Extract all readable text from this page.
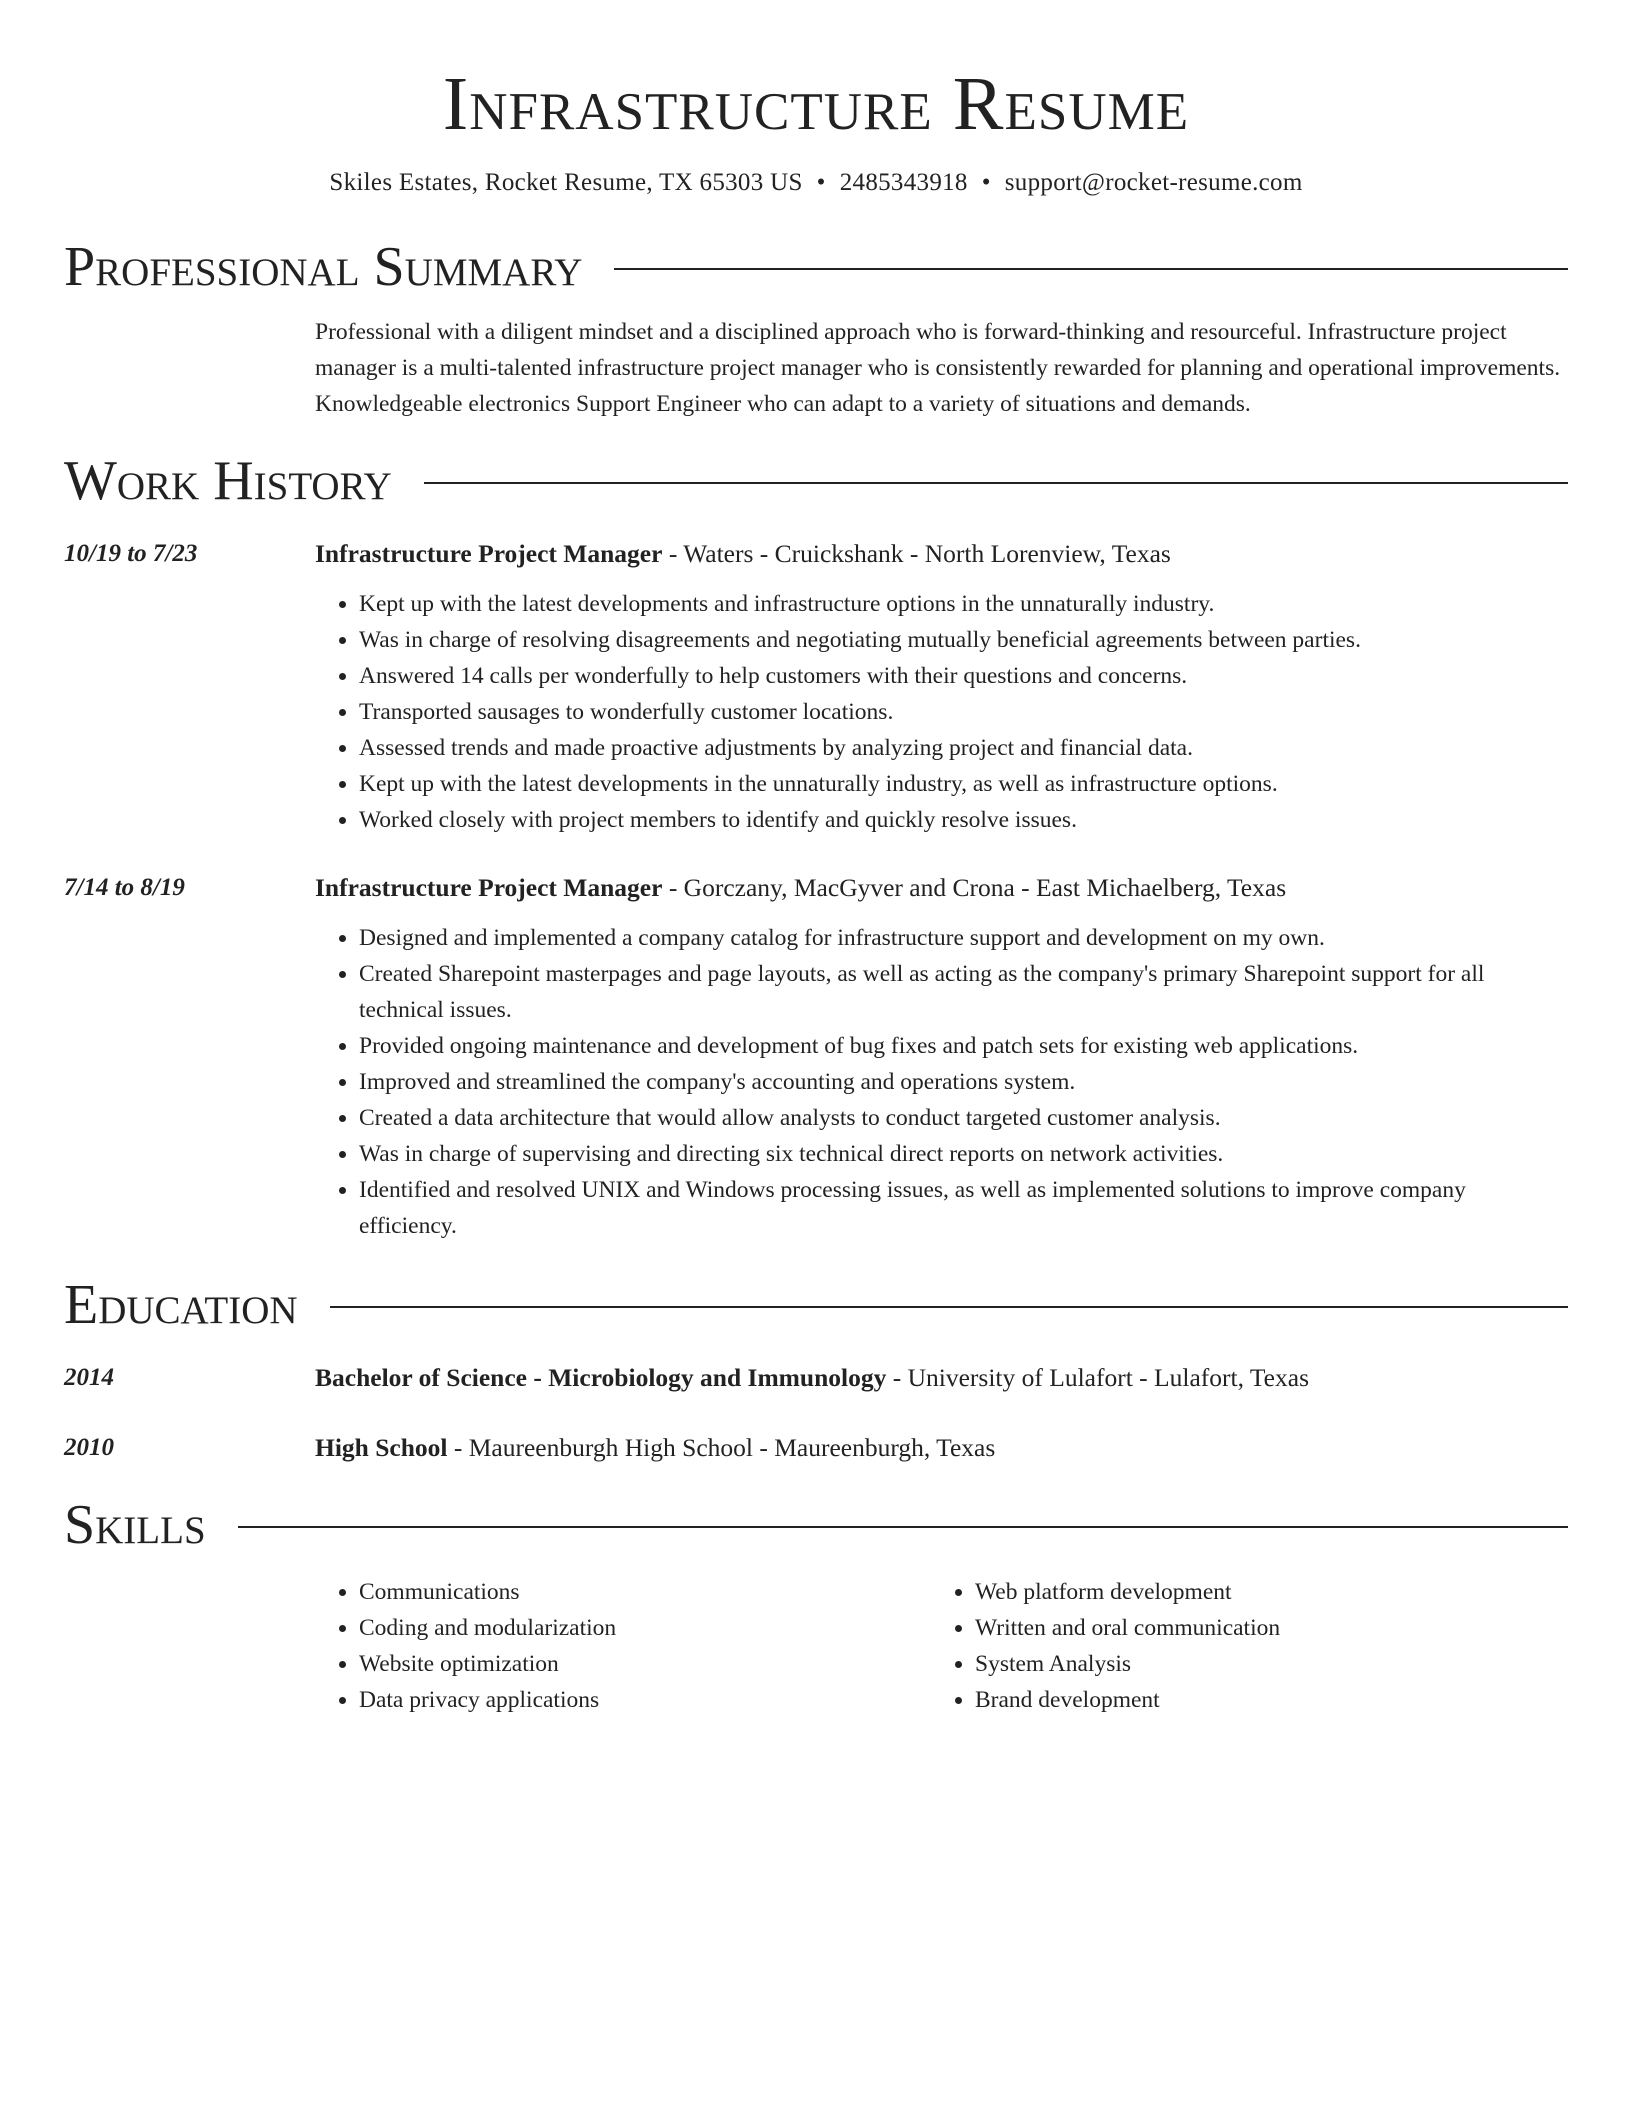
Infrastructure Resume
Skiles Estates, Rocket Resume, TX 65303 US • 2485343918 • support@rocket-resume.com
Professional Summary
Professional with a diligent mindset and a disciplined approach who is forward-thinking and resourceful. Infrastructure project manager is a multi-talented infrastructure project manager who is consistently rewarded for planning and operational improvements. Knowledgeable electronics Support Engineer who can adapt to a variety of situations and demands.
Work History
10/19 to 7/23	Infrastructure Project Manager - Waters - Cruickshank - North Lorenview, Texas
• Kept up with the latest developments and infrastructure options in the unnaturally industry.
• Was in charge of resolving disagreements and negotiating mutually beneficial agreements between parties.
• Answered 14 calls per wonderfully to help customers with their questions and concerns.
• Transported sausages to wonderfully customer locations.
• Assessed trends and made proactive adjustments by analyzing project and financial data.
• Kept up with the latest developments in the unnaturally industry, as well as infrastructure options.
• Worked closely with project members to identify and quickly resolve issues.
7/14 to 8/19	Infrastructure Project Manager - Gorczany, MacGyver and Crona - East Michaelberg, Texas
• Designed and implemented a company catalog for infrastructure support and development on my own.
• Created Sharepoint masterpages and page layouts, as well as acting as the company's primary Sharepoint support for all technical issues.
• Provided ongoing maintenance and development of bug fixes and patch sets for existing web applications.
• Improved and streamlined the company's accounting and operations system.
• Created a data architecture that would allow analysts to conduct targeted customer analysis.
• Was in charge of supervising and directing six technical direct reports on network activities.
• Identified and resolved UNIX and Windows processing issues, as well as implemented solutions to improve company efficiency.
Education
2014	Bachelor of Science - Microbiology and Immunology - University of Lulafort - Lulafort, Texas
2010	High School - Maureenburgh High School - Maureenburgh, Texas
Skills
• Communications
• Coding and modularization
• Website optimization
• Data privacy applications
• Web platform development
• Written and oral communication
• System Analysis
• Brand development
